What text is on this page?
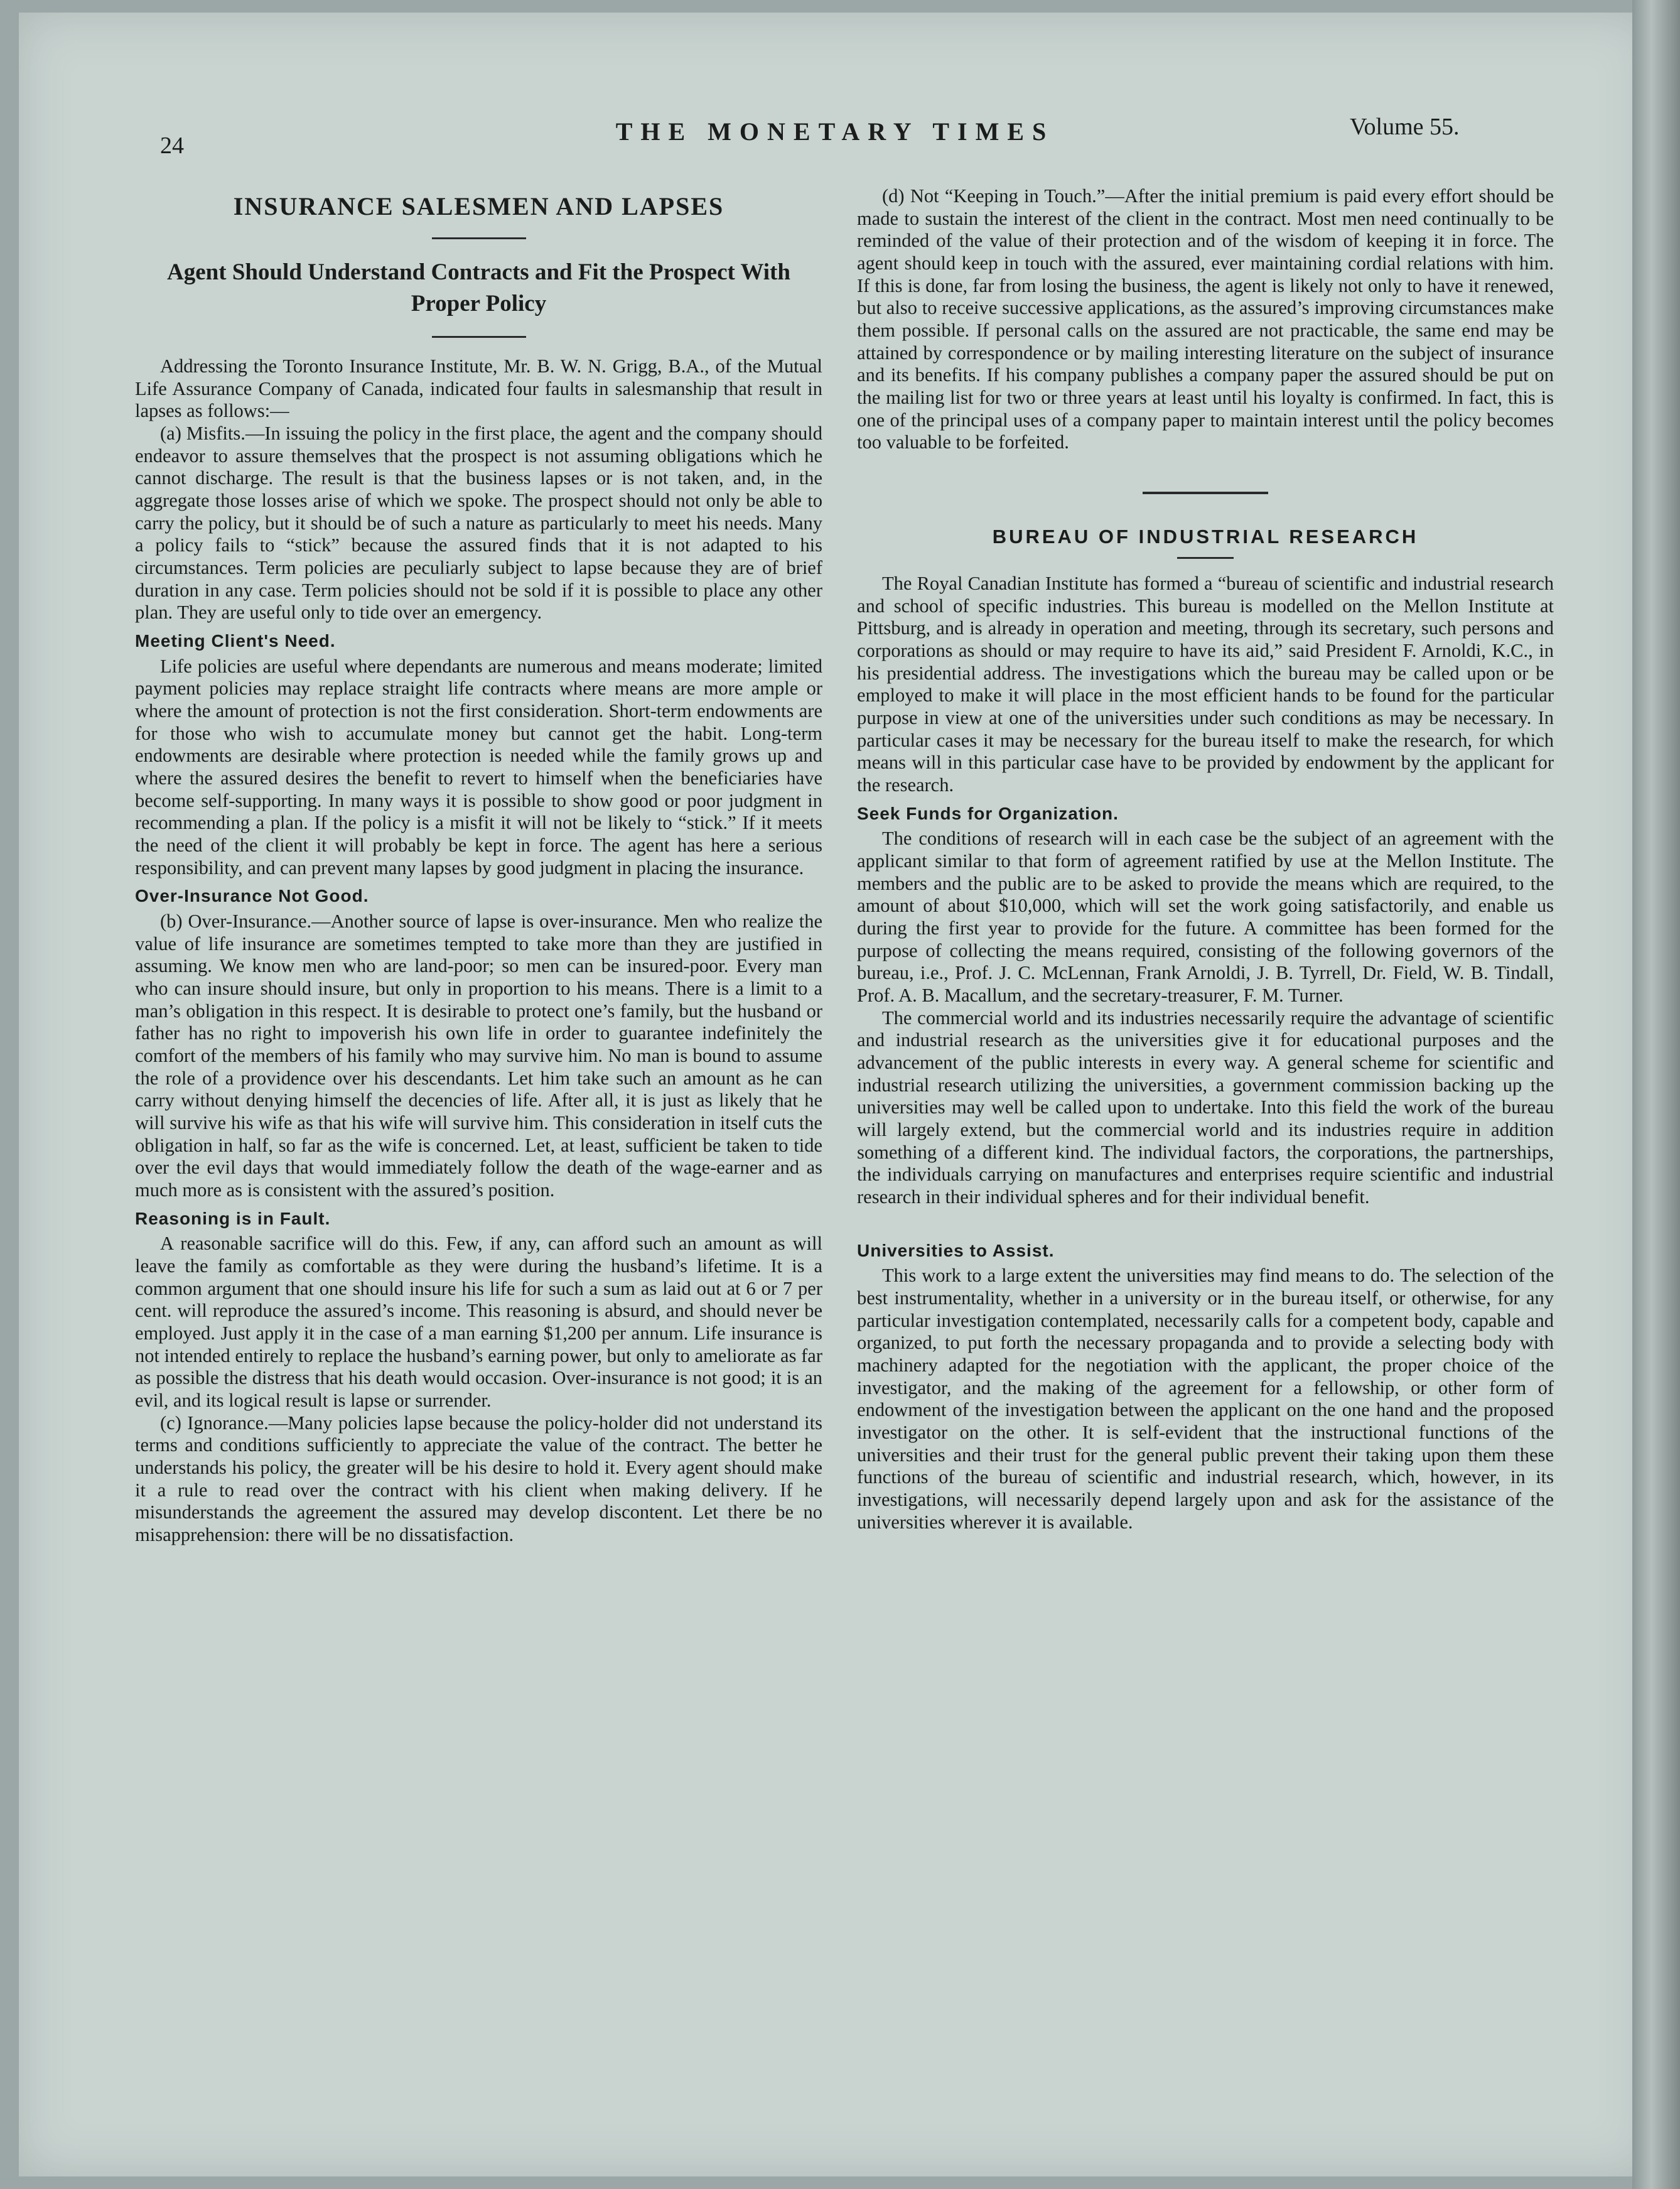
24	THE MONETARY TIMES	Volume 55.
INSURANCE SALESMEN AND LAPSES
Agent Should Understand Contracts and Fit the Prospect With Proper Policy

Addressing the Toronto Insurance Institute, Mr. B. W. N. Grigg, B.A., of the Mutual Life Assurance Company of Canada, indicated four faults in salesmanship that result in lapses as follows:—

(a) Misfits.—In issuing the policy in the first place, the agent and the company should endeavor to assure themselves that the prospect is not assuming obligations which he cannot discharge. The result is that the business lapses or is not taken, and, in the aggregate those losses arise of which we spoke. The prospect should not only be able to carry the policy, but it should be of such a nature as particularly to meet his needs. Many a policy fails to “stick” because the assured finds that it is not adapted to his circumstances. Term policies are peculiarly subject to lapse because they are of brief duration in any case. Term policies should not be sold if it is possible to place any other plan. They are useful only to tide over an emergency.

Meeting Client's Need.

Life policies are useful where dependants are numerous and means moderate; limited payment policies may replace straight life contracts where means are more ample or where the amount of protection is not the first consideration. Short-term endowments are for those who wish to accumulate money but cannot get the habit. Long-term endowments are desirable where protection is needed while the family grows up and where the assured desires the benefit to revert to himself when the beneficiaries have become self-supporting. In many ways it is possible to show good or poor judgment in recommending a plan. If the policy is a misfit it will not be likely to “stick.” If it meets the need of the client it will probably be kept in force. The agent has here a serious responsibility, and can prevent many lapses by good judgment in placing the insurance.

Over-Insurance Not Good.

(b) Over-Insurance.—Another source of lapse is over-insurance. Men who realize the value of life insurance are sometimes tempted to take more than they are justified in assuming. We know men who are land-poor; so men can be insured-poor. Every man who can insure should insure, but only in proportion to his means. There is a limit to a man’s obligation in this respect. It is desirable to protect one’s family, but the husband or father has no right to impoverish his own life in order to guarantee indefinitely the comfort of the members of his family who may survive him. No man is bound to assume the role of a providence over his descendants. Let him take such an amount as he can carry without denying himself the decencies of life. After all, it is just as likely that he will survive his wife as that his wife will survive him. This consideration in itself cuts the obligation in half, so far as the wife is concerned. Let, at least, sufficient be taken to tide over the evil days that would immediately follow the death of the wage-earner and as much more as is consistent with the assured’s position.

Reasoning is in Fault.

A reasonable sacrifice will do this. Few, if any, can afford such an amount as will leave the family as comfortable as they were during the husband’s lifetime. It is a common argument that one should insure his life for such a sum as laid out at 6 or 7 per cent. will reproduce the assured’s income. This reasoning is absurd, and should never be employed. Just apply it in the case of a man earning $1,200 per annum. Life insurance is not intended entirely to replace the husband’s earning power, but only to ameliorate as far as possible the distress that his death would occasion. Over-insurance is not good; it is an evil, and its logical result is lapse or surrender.

(c) Ignorance.—Many policies lapse because the policy-holder did not understand its terms and conditions sufficiently to appreciate the value of the contract. The better he understands his policy, the greater will be his desire to hold it. Every agent should make it a rule to read over the contract with his client when making delivery. If he misunderstands the agreement the assured may develop discontent. Let there be no misapprehension: there will be no dissatisfaction.

(d) Not “Keeping in Touch.”—After the initial premium is paid every effort should be made to sustain the interest of the client in the contract. Most men need continually to be reminded of the value of their protection and of the wisdom of keeping it in force. The agent should keep in touch with the assured, ever maintaining cordial relations with him. If this is done, far from losing the business, the agent is likely not only to have it renewed, but also to receive successive applications, as the assured’s improving circumstances make them possible. If personal calls on the assured are not practicable, the same end may be attained by correspondence or by mailing interesting literature on the subject of insurance and its benefits. If his company publishes a company paper the assured should be put on the mailing list for two or three years at least until his loyalty is confirmed. In fact, this is one of the principal uses of a company paper to maintain interest until the policy becomes too valuable to be forfeited.

BUREAU OF INDUSTRIAL RESEARCH

The Royal Canadian Institute has formed a “bureau of scientific and industrial research and school of specific industries. This bureau is modelled on the Mellon Institute at Pittsburg, and is already in operation and meeting, through its secretary, such persons and corporations as should or may require to have its aid,” said President F. Arnoldi, K.C., in his presidential address. The investigations which the bureau may be called upon or be employed to make it will place in the most efficient hands to be found for the particular purpose in view at one of the universities under such conditions as may be necessary. In particular cases it may be necessary for the bureau itself to make the research, for which means will in this particular case have to be provided by endowment by the applicant for the research.

Seek Funds for Organization.

The conditions of research will in each case be the subject of an agreement with the applicant similar to that form of agreement ratified by use at the Mellon Institute. The members and the public are to be asked to provide the means which are required, to the amount of about $10,000, which will set the work going satisfactorily, and enable us during the first year to provide for the future. A committee has been formed for the purpose of collecting the means required, consisting of the following governors of the bureau, i.e., Prof. J. C. McLennan, Frank Arnoldi, J. B. Tyrrell, Dr. Field, W. B. Tindall, Prof. A. B. Macallum, and the secretary-treasurer, F. M. Turner.

The commercial world and its industries necessarily require the advantage of scientific and industrial research as the universities give it for educational purposes and the advancement of the public interests in every way. A general scheme for scientific and industrial research utilizing the universities, a government commission backing up the universities may well be called upon to undertake. Into this field the work of the bureau will largely extend, but the commercial world and its industries require in addition something of a different kind. The individual factors, the corporations, the partnerships, the individuals carrying on manufactures and enterprises require scientific and industrial research in their individual spheres and for their individual benefit.

Universities to Assist.

This work to a large extent the universities may find means to do. The selection of the best instrumentality, whether in a university or in the bureau itself, or otherwise, for any particular investigation contemplated, necessarily calls for a competent body, capable and organized, to put forth the necessary propaganda and to provide a selecting body with machinery adapted for the negotiation with the applicant, the proper choice of the investigator, and the making of the agreement for a fellowship, or other form of endowment of the investigation between the applicant on the one hand and the proposed investigator on the other. It is self-evident that the instructional functions of the universities and their trust for the general public prevent their taking upon them these functions of the bureau of scientific and industrial research, which, however, in its investigations, will necessarily depend largely upon and ask for the assistance of the universities wherever it is available.
